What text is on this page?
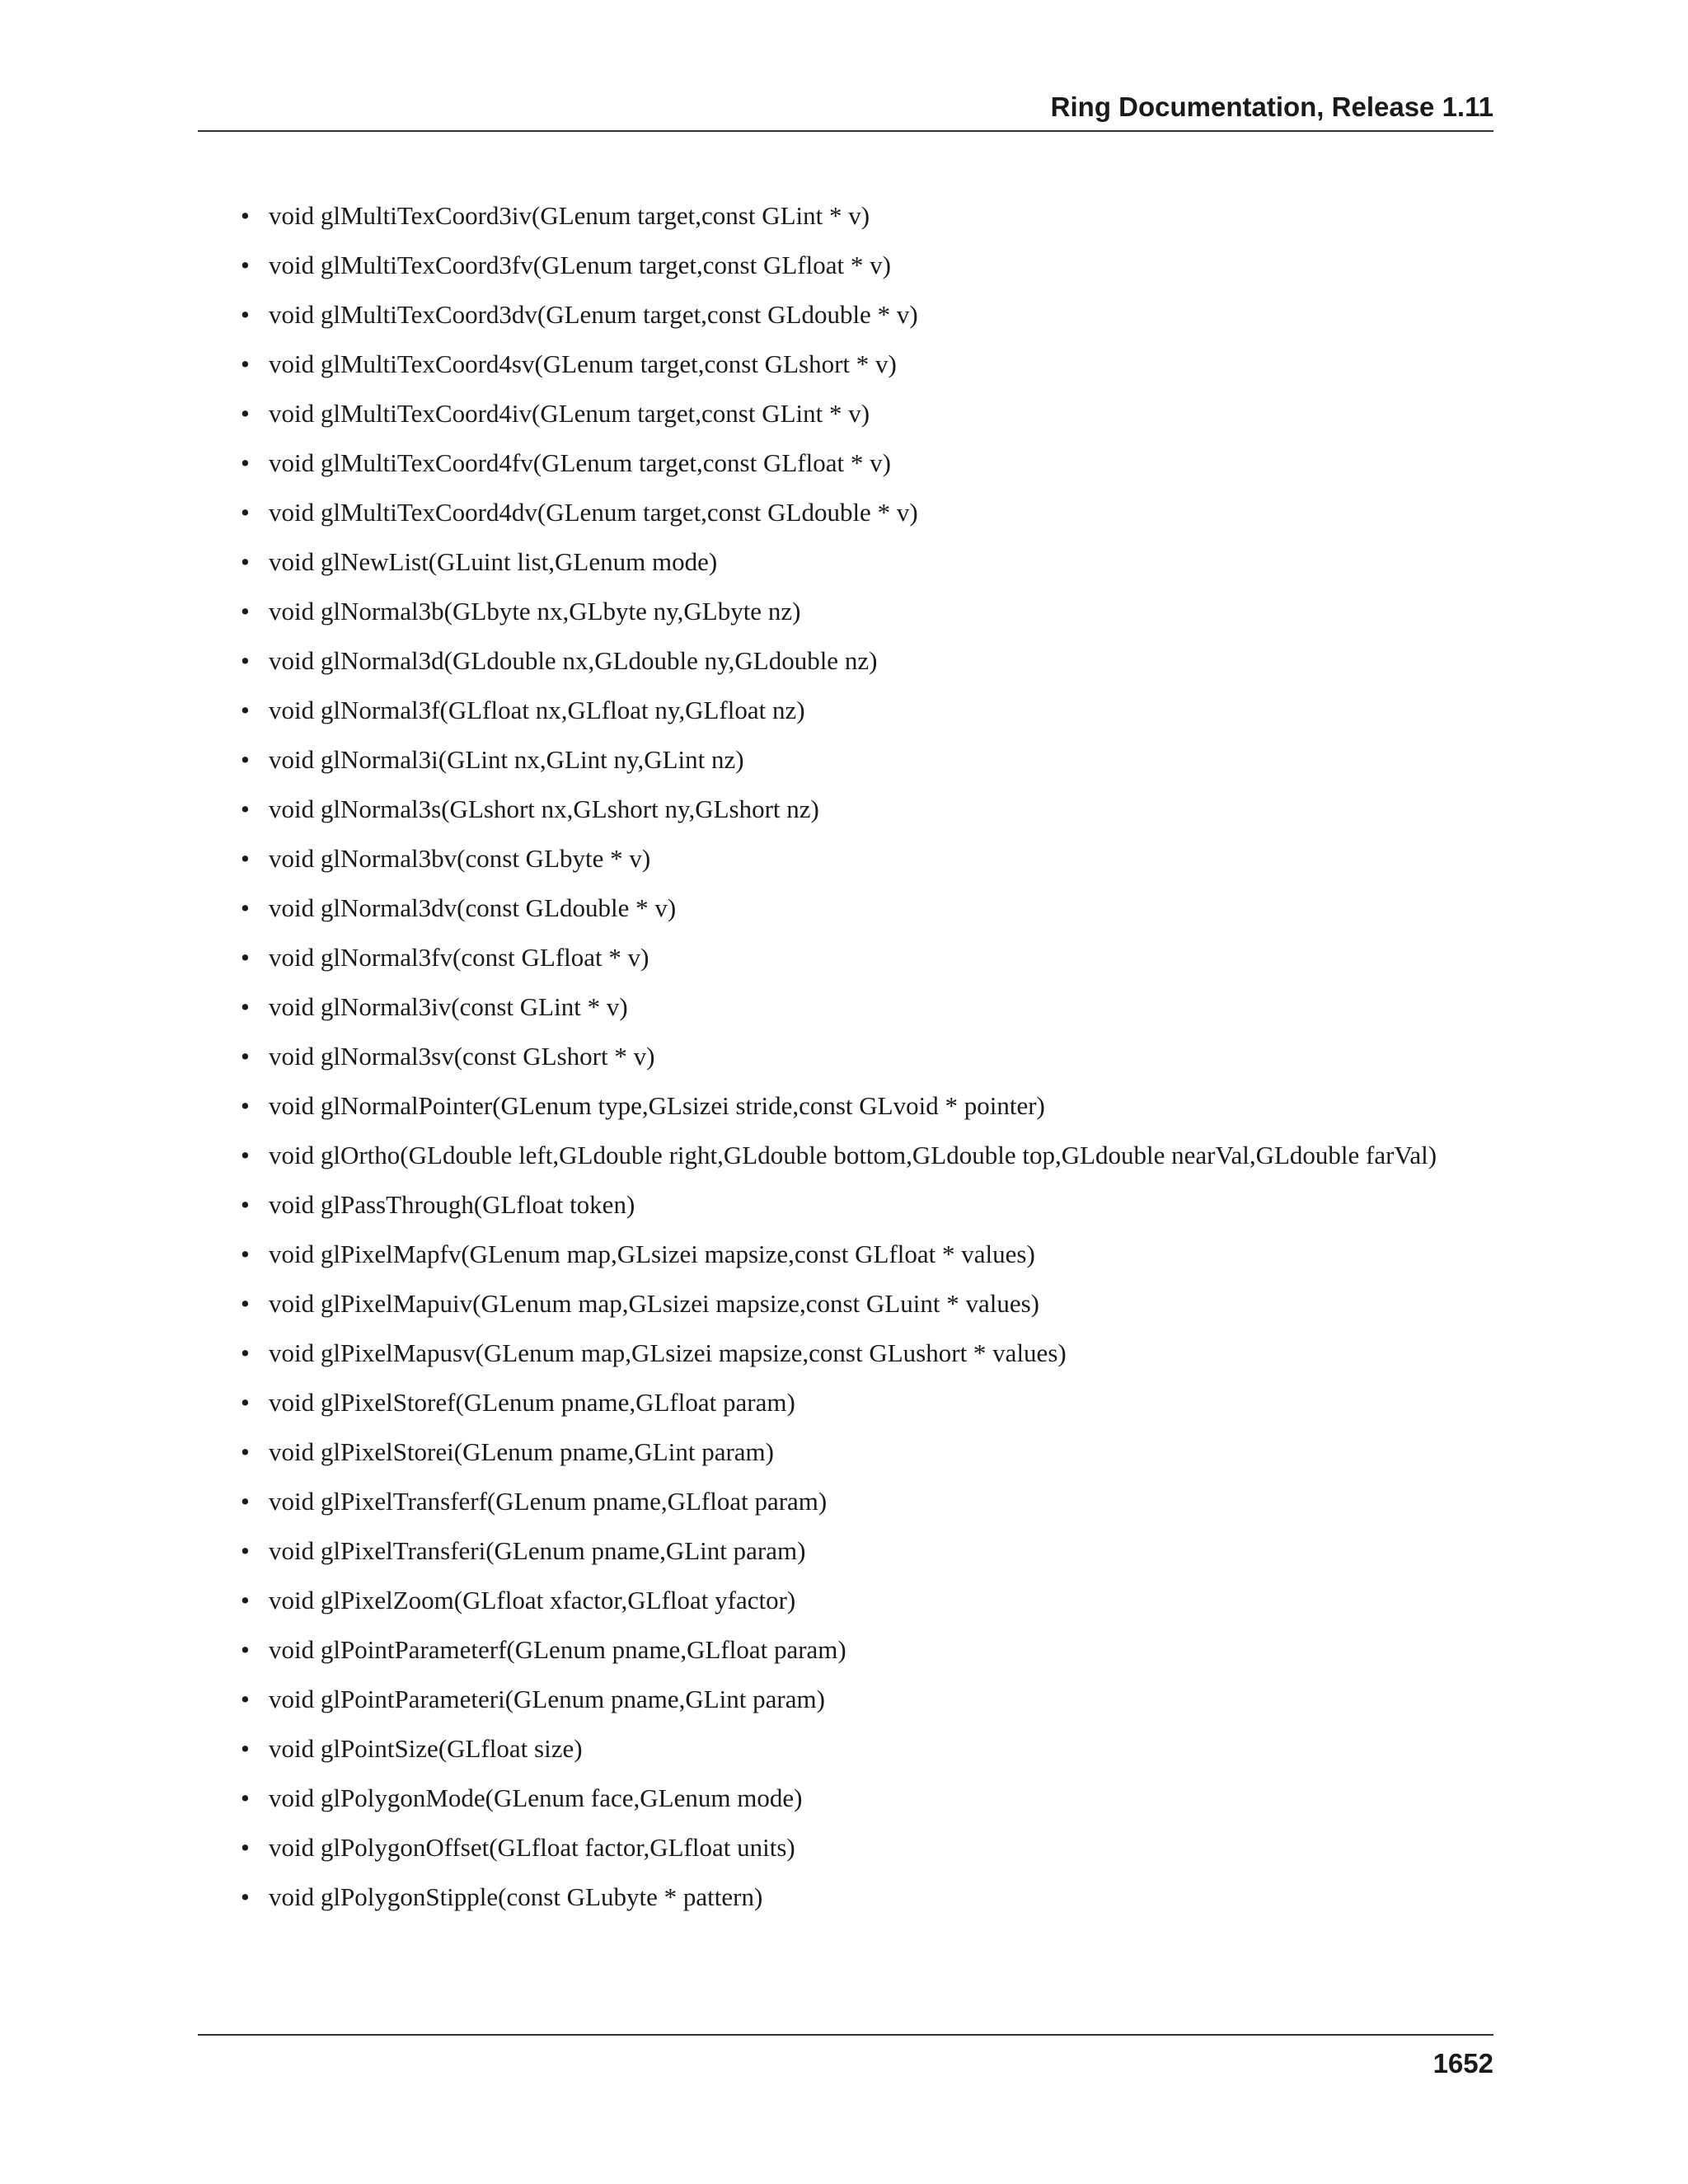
Ring Documentation, Release 1.11
• void glMultiTexCoord3iv(GLenum target,const GLint * v)
• void glMultiTexCoord3fv(GLenum target,const GLfloat * v)
• void glMultiTexCoord3dv(GLenum target,const GLdouble * v)
• void glMultiTexCoord4sv(GLenum target,const GLshort * v)
• void glMultiTexCoord4iv(GLenum target,const GLint * v)
• void glMultiTexCoord4fv(GLenum target,const GLfloat * v)
• void glMultiTexCoord4dv(GLenum target,const GLdouble * v)
• void glNewList(GLuint list,GLenum mode)
• void glNormal3b(GLbyte nx,GLbyte ny,GLbyte nz)
• void glNormal3d(GLdouble nx,GLdouble ny,GLdouble nz)
• void glNormal3f(GLfloat nx,GLfloat ny,GLfloat nz)
• void glNormal3i(GLint nx,GLint ny,GLint nz)
• void glNormal3s(GLshort nx,GLshort ny,GLshort nz)
• void glNormal3bv(const GLbyte * v)
• void glNormal3dv(const GLdouble * v)
• void glNormal3fv(const GLfloat * v)
• void glNormal3iv(const GLint * v)
• void glNormal3sv(const GLshort * v)
• void glNormalPointer(GLenum type,GLsizei stride,const GLvoid * pointer)
• void glOrtho(GLdouble left,GLdouble right,GLdouble bottom,GLdouble top,GLdouble nearVal,GLdouble farVal)
• void glPassThrough(GLfloat token)
• void glPixelMapfv(GLenum map,GLsizei mapsize,const GLfloat * values)
• void glPixelMapuiv(GLenum map,GLsizei mapsize,const GLuint * values)
• void glPixelMapusv(GLenum map,GLsizei mapsize,const GLushort * values)
• void glPixelStoref(GLenum pname,GLfloat param)
• void glPixelStorei(GLenum pname,GLint param)
• void glPixelTransferf(GLenum pname,GLfloat param)
• void glPixelTransferi(GLenum pname,GLint param)
• void glPixelZoom(GLfloat xfactor,GLfloat yfactor)
• void glPointParameterf(GLenum pname,GLfloat param)
• void glPointParameteri(GLenum pname,GLint param)
• void glPointSize(GLfloat size)
• void glPolygonMode(GLenum face,GLenum mode)
• void glPolygonOffset(GLfloat factor,GLfloat units)
• void glPolygonStipple(const GLubyte * pattern)
1652
